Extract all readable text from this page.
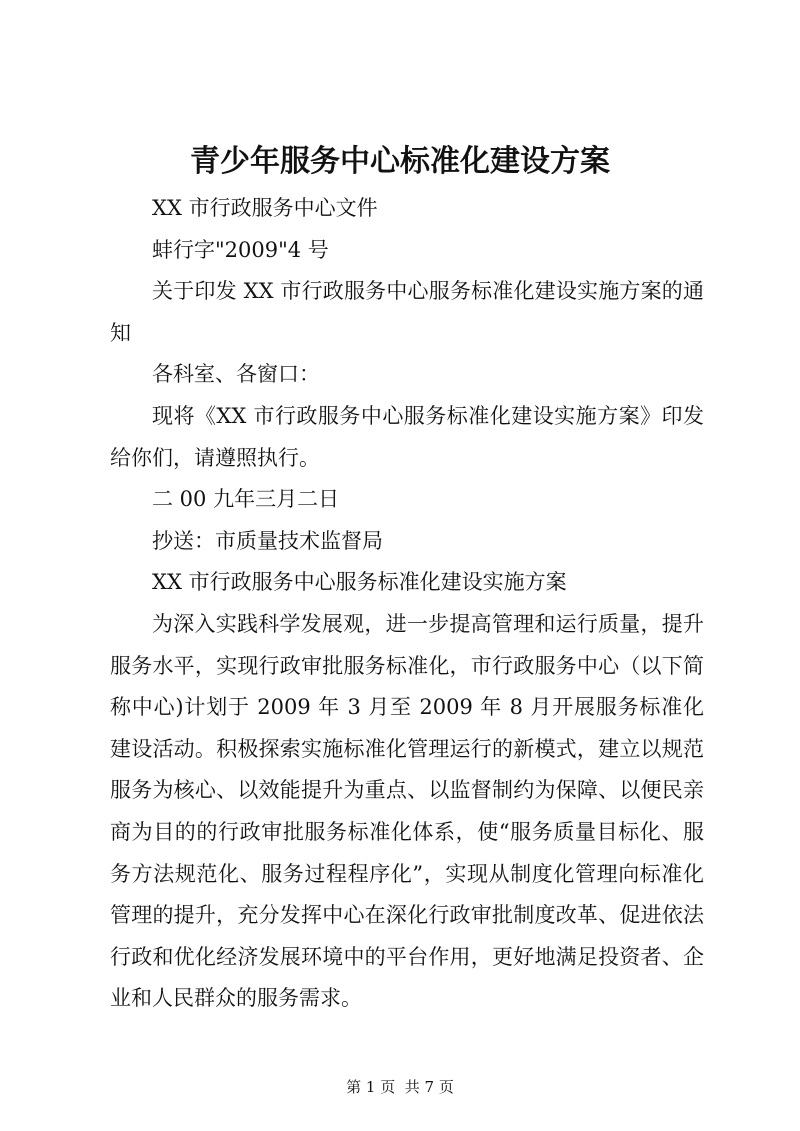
青少年服务中心标准化建设方案

XX 市行政服务中心文件

蚌行字"2009"4 号

关于印发 XX 市行政服务中心服务标准化建设实施方案的通知

各科室、各窗口：

现将《XX 市行政服务中心服务标准化建设实施方案》印发给你们，请遵照执行。

二 00 九年三月二日

抄送：市质量技术监督局

XX 市行政服务中心服务标准化建设实施方案

为深入实践科学发展观，进一步提高管理和运行质量，提升服务水平，实现行政审批服务标准化，市行政服务中心（以下简称中心)计划于 2009 年 3 月至 2009 年 8 月开展服务标准化建设活动。积极探索实施标准化管理运行的新模式，建立以规范服务为核心、以效能提升为重点、以监督制约为保障、以便民亲商为目的的行政审批服务标准化体系，使“服务质量目标化、服务方法规范化、服务过程程序化”，实现从制度化管理向标准化管理的提升，充分发挥中心在深化行政审批制度改革、促进依法行政和优化经济发展环境中的平台作用，更好地满足投资者、企业和人民群众的服务需求。

第 1 页 共 7 页
